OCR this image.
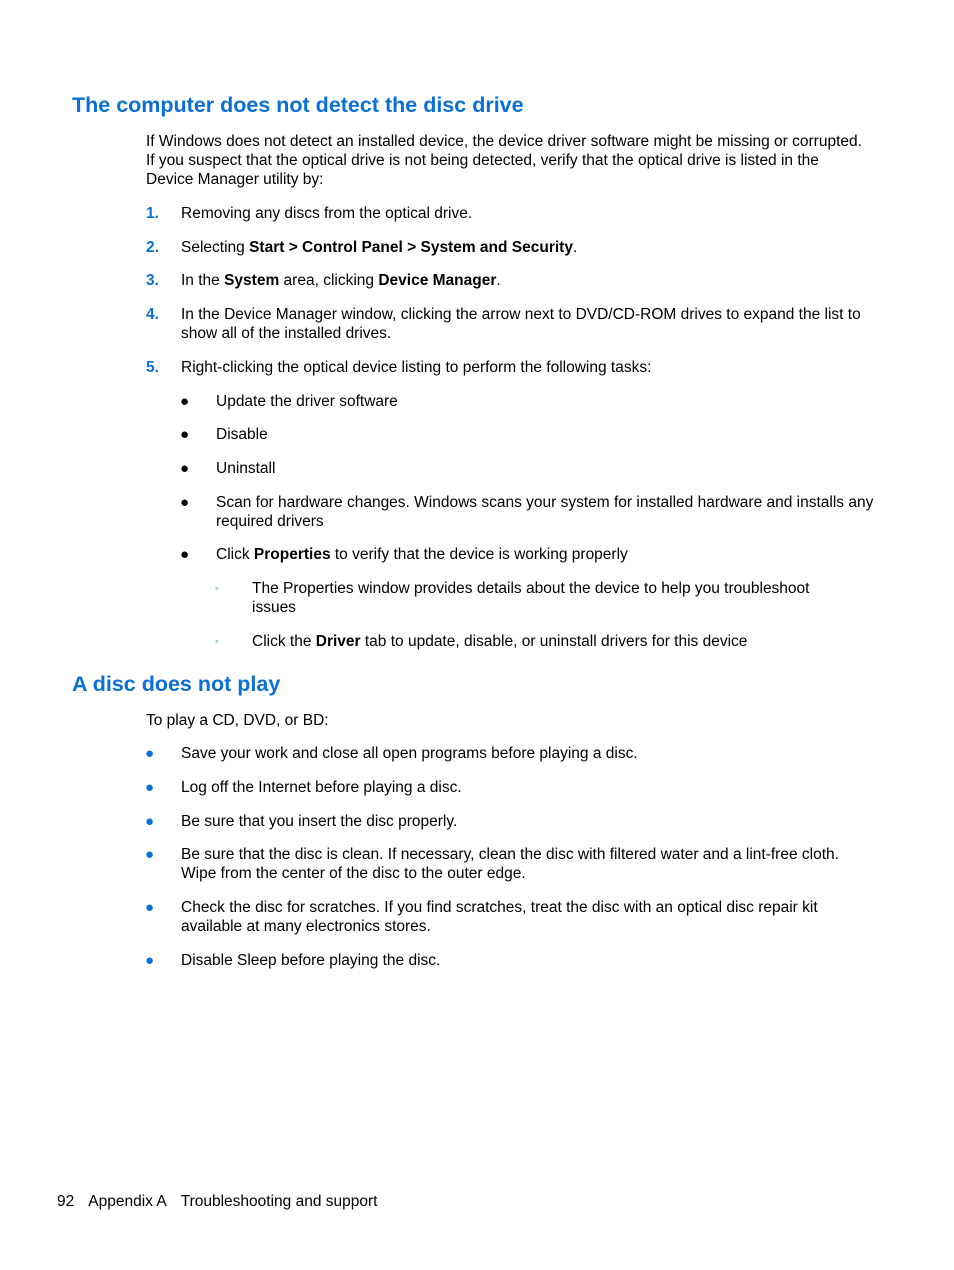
The computer does not detect the disc drive
If Windows does not detect an installed device, the device driver software might be missing or corrupted. If you suspect that the optical drive is not being detected, verify that the optical drive is listed in the Device Manager utility by:
1.	Removing any discs from the optical drive.
2.	Selecting Start > Control Panel > System and Security.
3.	In the System area, clicking Device Manager.
4.	In the Device Manager window, clicking the arrow next to DVD/CD-ROM drives to expand the list to show all of the installed drives.
5.	Right-clicking the optical device listing to perform the following tasks:
●	Update the driver software
●	Disable
●	Uninstall
●	Scan for hardware changes. Windows scans your system for installed hardware and installs any required drivers
●	Click Properties to verify that the device is working properly
◦	The Properties window provides details about the device to help you troubleshoot issues
◦	Click the Driver tab to update, disable, or uninstall drivers for this device
A disc does not play
To play a CD, DVD, or BD:
●	Save your work and close all open programs before playing a disc.
●	Log off the Internet before playing a disc.
●	Be sure that you insert the disc properly.
●	Be sure that the disc is clean. If necessary, clean the disc with filtered water and a lint-free cloth. Wipe from the center of the disc to the outer edge.
●	Check the disc for scratches. If you find scratches, treat the disc with an optical disc repair kit available at many electronics stores.
●	Disable Sleep before playing the disc.
92 Appendix A Troubleshooting and support
